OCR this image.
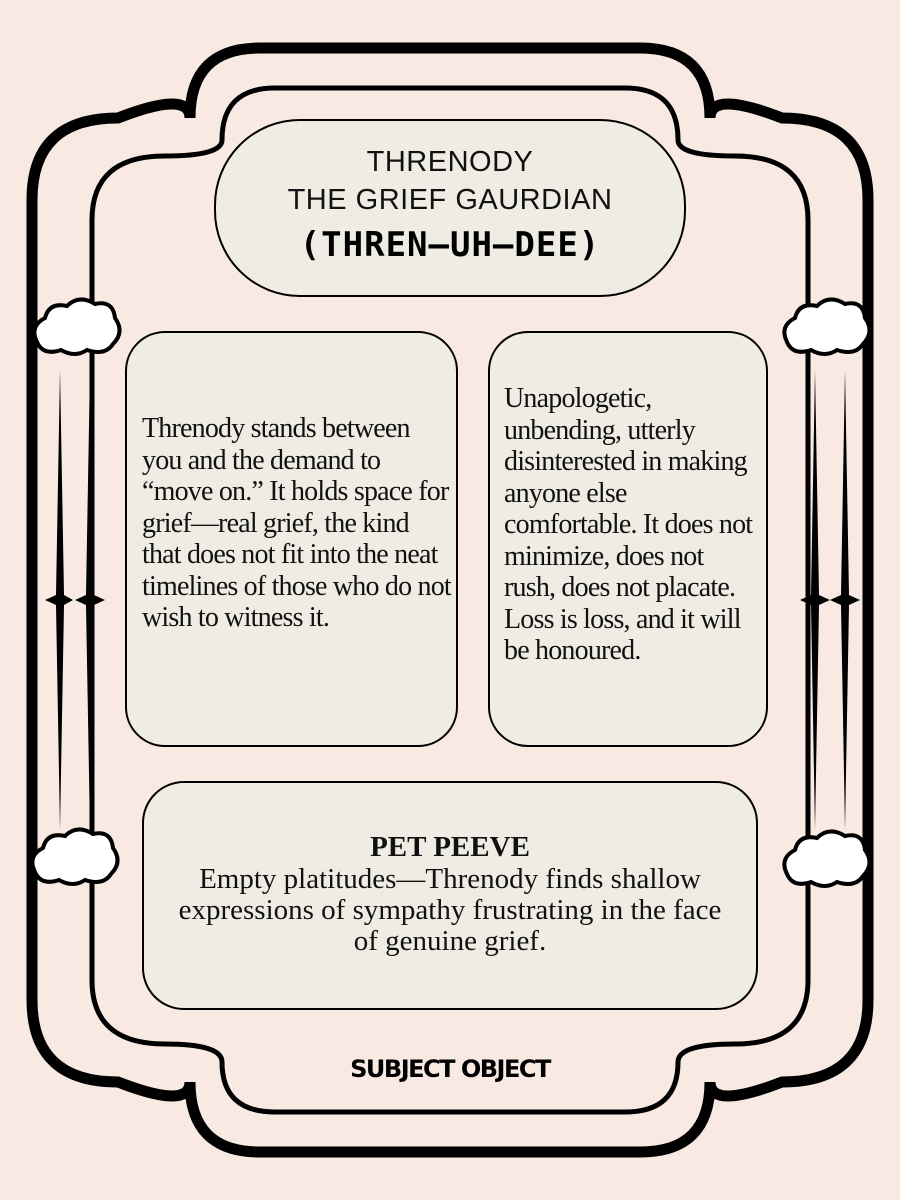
THRENODY
THE GRIEF GAURDIAN
(THREN—UH—DEE)
Threnody stands between you and the demand to “move on.” It holds space for grief—real grief, the kind that does not fit into the neat timelines of those who do not wish to witness it.
Unapologetic, unbending, utterly disinterested in making anyone else comfortable. It does not minimize, does not rush, does not placate. Loss is loss, and it will be honoured.
PET PEEVE
Empty platitudes—Threnody finds shallow expressions of sympathy frustrating in the face of genuine grief.
SUBJECT OBJECT
